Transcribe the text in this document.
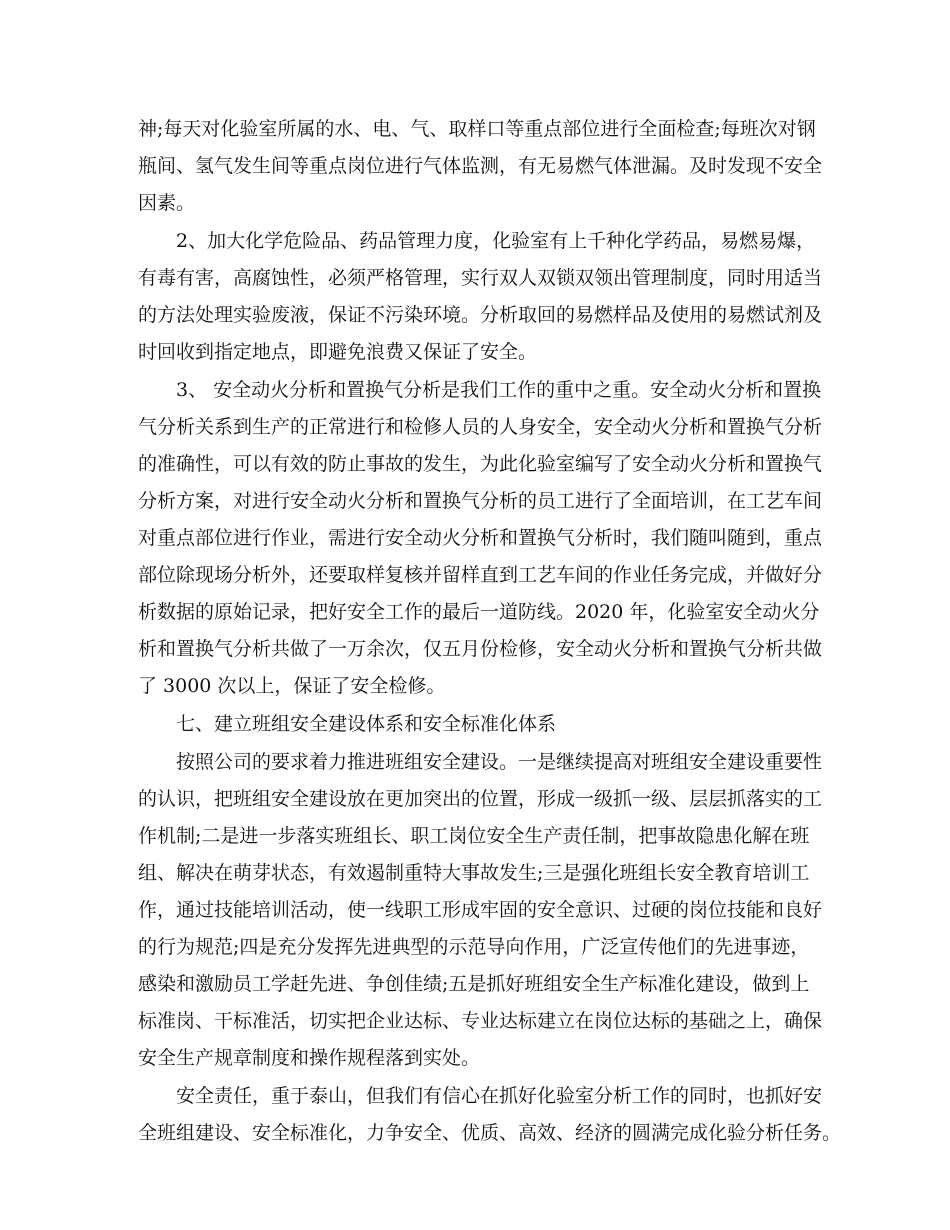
神;每天对化验室所属的水、电、气、取样口等重点部位进行全面检查;每班次对钢
瓶间、氢气发生间等重点岗位进行气体监测，有无易燃气体泄漏。及时发现不安全
因素。
2、加大化学危险品、药品管理力度，化验室有上千种化学药品，易燃易爆，
有毒有害，高腐蚀性，必须严格管理，实行双人双锁双领出管理制度，同时用适当
的方法处理实验废液，保证不污染环境。分析取回的易燃样品及使用的易燃试剂及
时回收到指定地点，即避免浪费又保证了安全。
3、 安全动火分析和置换气分析是我们工作的重中之重。安全动火分析和置换
气分析关系到生产的正常进行和检修人员的人身安全，安全动火分析和置换气分析
的准确性，可以有效的防止事故的发生，为此化验室编写了安全动火分析和置换气
分析方案，对进行安全动火分析和置换气分析的员工进行了全面培训，在工艺车间
对重点部位进行作业，需进行安全动火分析和置换气分析时，我们随叫随到，重点
部位除现场分析外，还要取样复核并留样直到工艺车间的作业任务完成，并做好分
析数据的原始记录，把好安全工作的最后一道防线。2020 年，化验室安全动火分
析和置换气分析共做了一万余次，仅五月份检修，安全动火分析和置换气分析共做
了 3000 次以上，保证了安全检修。
七、建立班组安全建设体系和安全标准化体系
按照公司的要求着力推进班组安全建设。一是继续提高对班组安全建设重要性
的认识，把班组安全建设放在更加突出的位置，形成一级抓一级、层层抓落实的工
作机制;二是进一步落实班组长、职工岗位安全生产责任制，把事故隐患化解在班
组、解决在萌芽状态，有效遏制重特大事故发生;三是强化班组长安全教育培训工
作，通过技能培训活动，使一线职工形成牢固的安全意识、过硬的岗位技能和良好
的行为规范;四是充分发挥先进典型的示范导向作用，广泛宣传他们的先进事迹，
感染和激励员工学赶先进、争创佳绩;五是抓好班组安全生产标准化建设，做到上
标准岗、干标准活，切实把企业达标、专业达标建立在岗位达标的基础之上，确保
安全生产规章制度和操作规程落到实处。
安全责任，重于泰山，但我们有信心在抓好化验室分析工作的同时，也抓好安
全班组建设、安全标准化，力争安全、优质、高效、经济的圆满完成化验分析任务。
